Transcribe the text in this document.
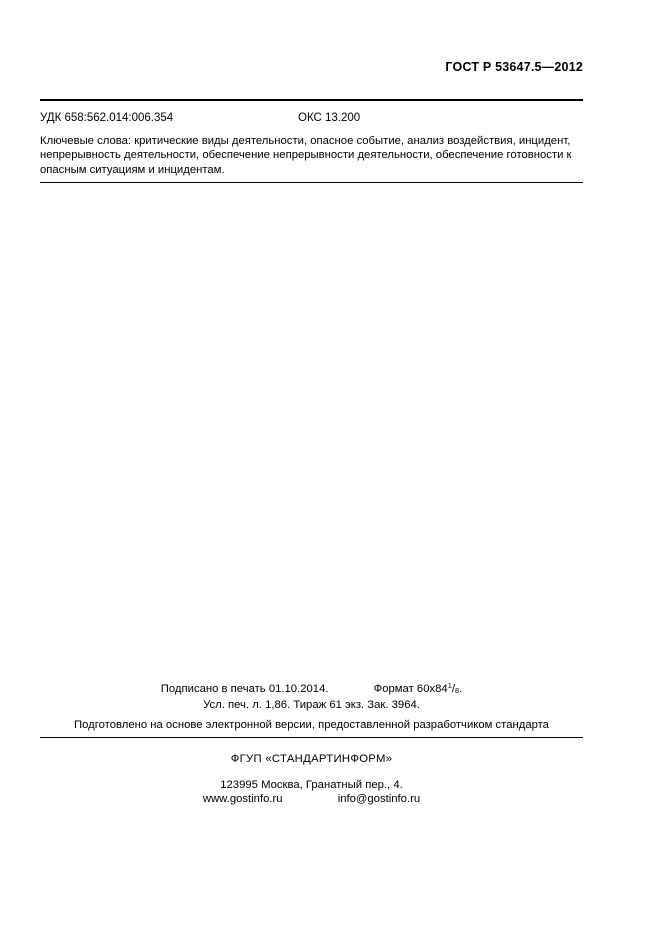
ГОСТ Р 53647.5—2012
УДК 658:562.014:006.354	ОКС 13.200
Ключевые слова: критические виды деятельности, опасное событие, анализ воздействия, инцидент, непрерывность деятельности, обеспечение непрерывности деятельности, обеспечение готовности к опасным ситуациям и инцидентам.
Подписано в печать 01.10.2014.	Формат $60х84^1/_8$.
Усл. печ. л. 1,86. Тираж 61 экз. Зак. 3964.
Подготовлено на основе электронной версии, предоставленной разработчиком стандарта
ФГУП «СТАНДАРТИНФОРМ»
123995 Москва, Гранатный пер., 4.
www.gostinfo.ru	info@gostinfo.ru
